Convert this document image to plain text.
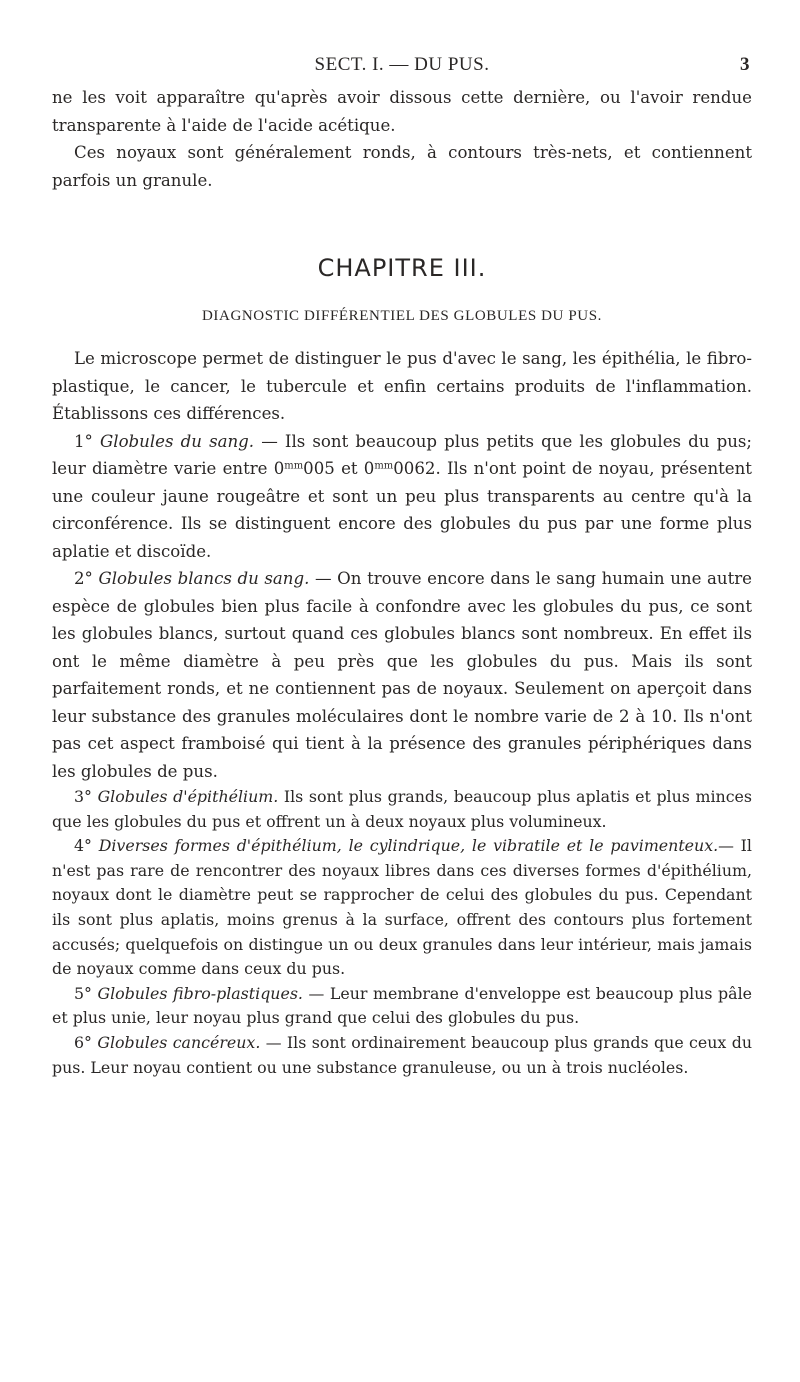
SECT. I. — DU PUS.	3

ne les voit apparaître qu'après avoir dissous cette dernière, ou l'avoir rendue transparente à l'aide de l'acide acétique.

Ces noyaux sont généralement ronds, à contours très-nets, et contiennent parfois un granule.

CHAPITRE III.
DIAGNOSTIC DIFFÉRENTIEL DES GLOBULES DU PUS.

Le microscope permet de distinguer le pus d'avec le sang, les épithélia, le fibro-plastique, le cancer, le tubercule et enfin certains produits de l'inflammation. Établissons ces différences.

1° Globules du sang. — Ils sont beaucoup plus petits que les globules du pus; leur diamètre varie entre $0^{mm}005$ et $0^{mm}0062$. Ils n'ont point de noyau, présentent une couleur jaune rougeâtre et sont un peu plus transparents au centre qu'à la circonférence. Ils se distinguent encore des globules du pus par une forme plus aplatie et discoïde.

2° Globules blancs du sang. — On trouve encore dans le sang humain une autre espèce de globules bien plus facile à confondre avec les globules du pus, ce sont les globules blancs, surtout quand ces globules blancs sont nombreux. En effet ils ont le même diamètre à peu près que les globules du pus. Mais ils sont parfaitement ronds, et ne contiennent pas de noyaux. Seulement on aperçoit dans leur substance des granules moléculaires dont le nombre varie de 2 à 10. Ils n'ont pas cet aspect framboisé qui tient à la présence des granules périphériques dans les globules de pus.

3° Globules d'épithélium. Ils sont plus grands, beaucoup plus aplatis et plus minces que les globules du pus et offrent un à deux noyaux plus volumineux.

4° Diverses formes d'épithélium, le cylindrique, le vibratile et le pavimenteux.— Il n'est pas rare de rencontrer des noyaux libres dans ces diverses formes d'épithélium, noyaux dont le diamètre peut se rapprocher de celui des globules du pus. Cependant ils sont plus aplatis, moins grenus à la surface, offrent des contours plus fortement accusés; quelquefois on distingue un ou deux granules dans leur intérieur, mais jamais de noyaux comme dans ceux du pus.

5° Globules fibro-plastiques. — Leur membrane d'enveloppe est beaucoup plus pâle et plus unie, leur noyau plus grand que celui des globules du pus.

6° Globules cancéreux. — Ils sont ordinairement beaucoup plus grands que ceux du pus. Leur noyau contient ou une substance granuleuse, ou un à trois nucléoles.
